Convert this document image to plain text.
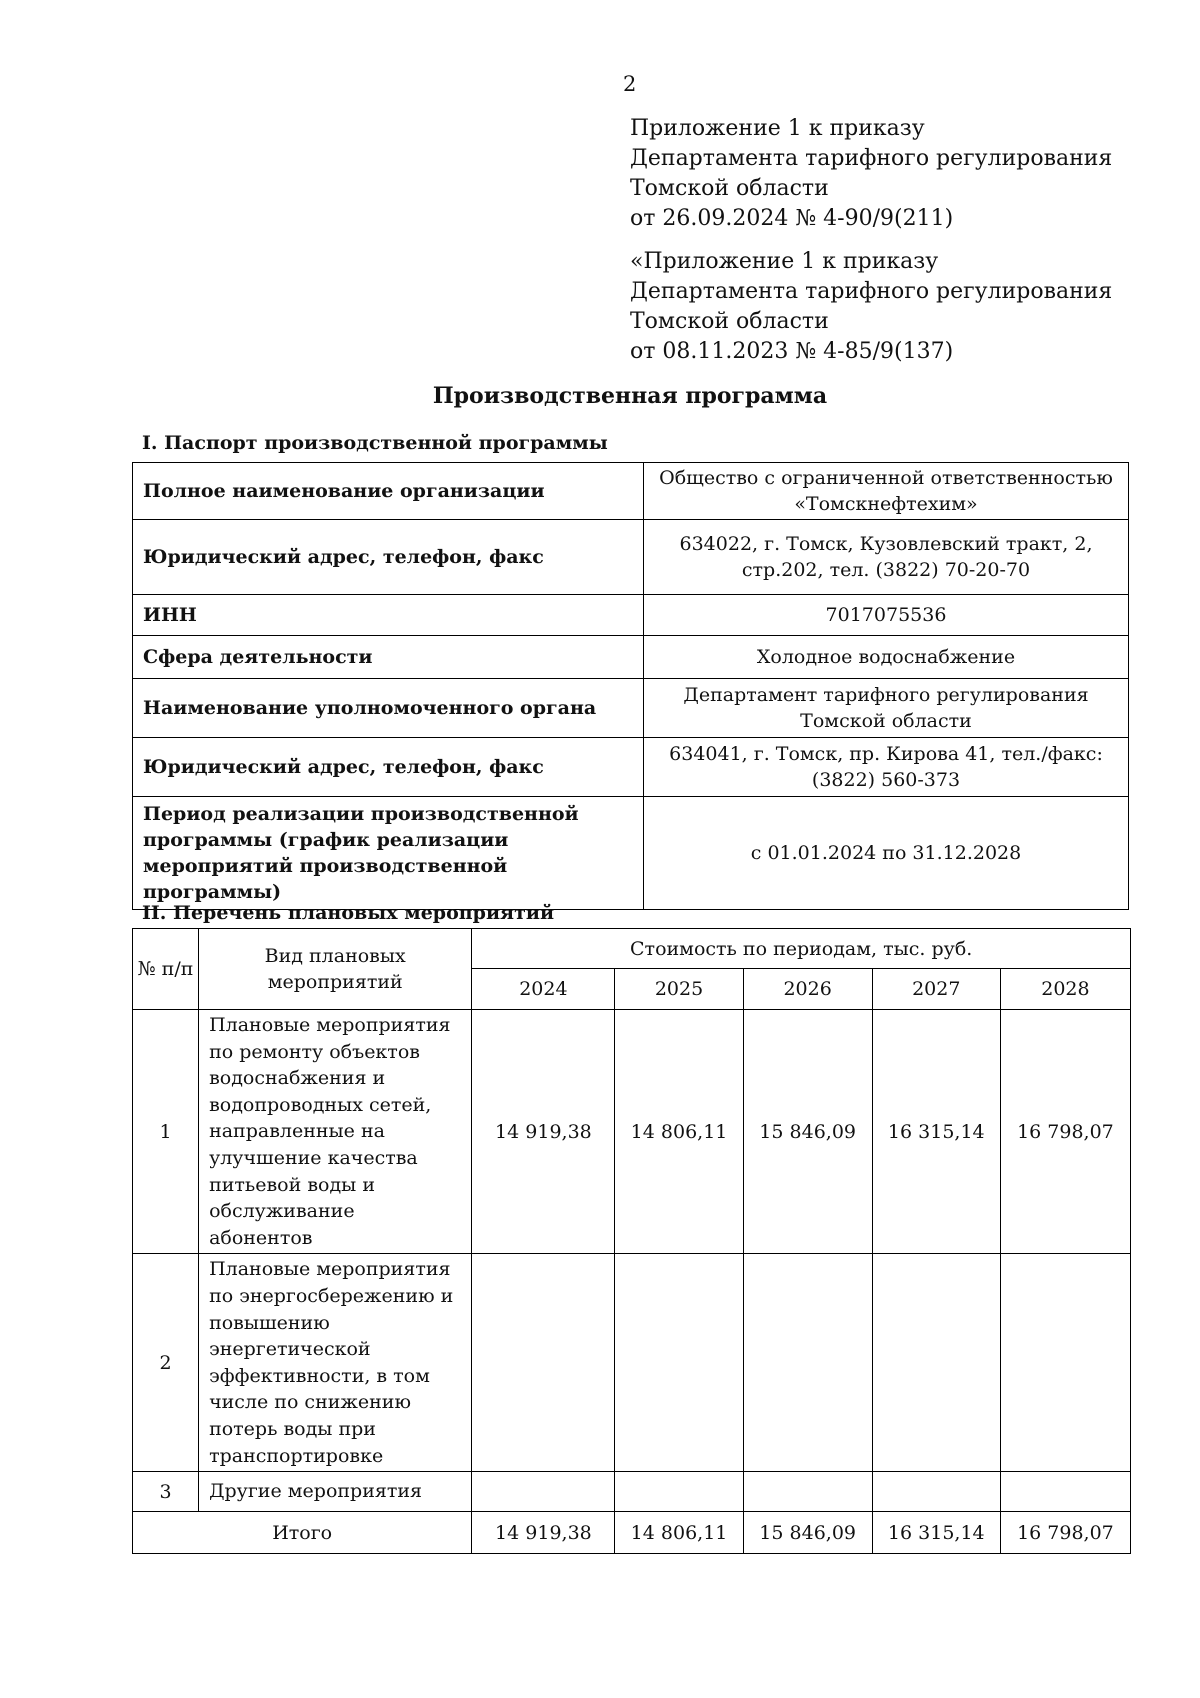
2
Приложение 1 к приказу
Департамента тарифного регулирования
Томской области
от 26.09.2024 № 4-90/9(211)
«Приложение 1 к приказу
Департамента тарифного регулирования
Томской области
от 08.11.2023 № 4-85/9(137)
Производственная программа
I. Паспорт производственной программы
Полное наименование организации	Общество с ограниченной ответственностью «Томскнефтехим»
Юридический адрес, телефон, факс	634022, г. Томск, Кузовлевский тракт, 2, стр.202, тел. (3822) 70-20-70
ИНН	7017075536
Сфера деятельности	Холодное водоснабжение
Наименование уполномоченного органа	Департамент тарифного регулирования Томской области
Юридический адрес, телефон, факс	634041, г. Томск, пр. Кирова 41, тел./факс: (3822) 560-373
Период реализации производственной программы (график реализации мероприятий производственной программы)	с 01.01.2024 по 31.12.2028
II. Перечень плановых мероприятий
№ п/п	Вид плановых мероприятий	Стоимость по периодам, тыс. руб.				
		2024	2025	2026	2027	2028
1	Плановые мероприятия по ремонту объектов водоснабжения и водопроводных сетей, направленные на улучшение качества питьевой воды и обслуживание абонентов	14 919,38	14 806,11	15 846,09	16 315,14	16 798,07
2	Плановые мероприятия по энергосбережению и повышению энергетической эффективности, в том числе по снижению потерь воды при транспортировке					
3	Другие мероприятия					
Итого		14 919,38	14 806,11	15 846,09	16 315,14	16 798,07
